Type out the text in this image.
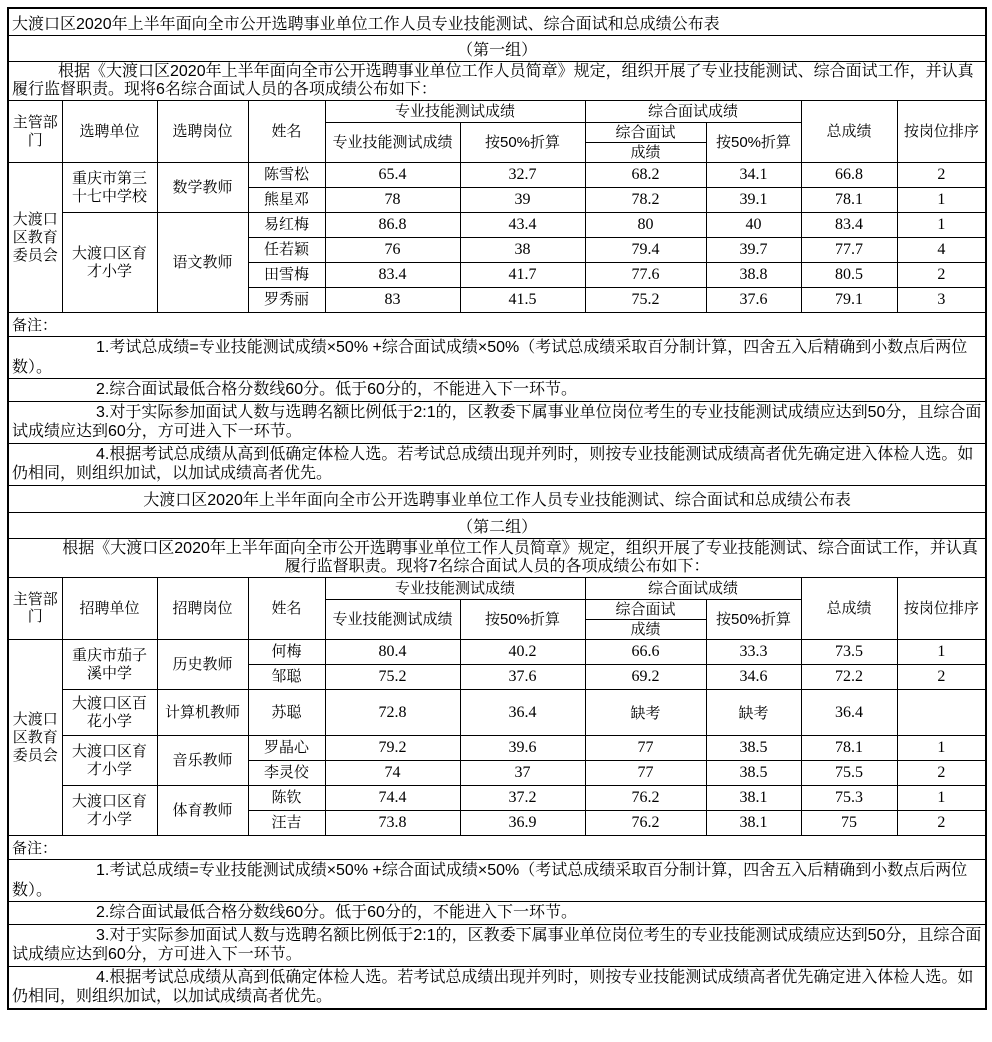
大渡口区2020年上半年面向全市公开选聘事业单位工作人员专业技能测试、综合面试和总成绩公布表									
（第一组）									
根据《大渡口区2020年上半年面向全市公开选聘事业单位工作人员简章》规定，组织开展了专业技能测试、综合面试工作，并认真履行监督职责。现将6名综合面试人员的各项成绩公布如下：									
主管部门	选聘单位	选聘岗位	姓名	专业技能测试成绩		综合面试成绩		总成绩	按岗位排序
				专业技能测试成绩	按50%折算	综合面试	按50%折算		
						成绩			
大渡口区教育委员会	重庆市第三十七中学校	数学教师	陈雪松	65.4	32.7	68.2	34.1	66.8	2
			熊星邓	78	39	78.2	39.1	78.1	1
	大渡口区育才小学	语文教师	易红梅	86.8	43.4	80	40	83.4	1
			任若颖	76	38	79.4	39.7	77.7	4
			田雪梅	83.4	41.7	77.6	38.8	80.5	2
			罗秀丽	83	41.5	75.2	37.6	79.1	3
备注：									
1.考试总成绩=专业技能测试成绩×50% +综合面试成绩×50%（考试总成绩采取百分制计算，四舍五入后精确到小数点后两位数）。									
2.综合面试最低合格分数线60分。低于60分的，不能进入下一环节。									
3.对于实际参加面试人数与选聘名额比例低于2:1的，区教委下属事业单位岗位考生的专业技能测试成绩应达到50分，且综合面试成绩应达到60分，方可进入下一环节。									
4.根据考试总成绩从高到低确定体检人选。若考试总成绩出现并列时，则按专业技能测试成绩高者优先确定进入体检人选。如仍相同，则组织加试，以加试成绩高者优先。									
大渡口区2020年上半年面向全市公开选聘事业单位工作人员专业技能测试、综合面试和总成绩公布表									
（第二组）									
根据《大渡口区2020年上半年面向全市公开选聘事业单位工作人员简章》规定，组织开展了专业技能测试、综合面试工作，并认真履行监督职责。现将7名综合面试人员的各项成绩公布如下：									
主管部门	招聘单位	招聘岗位	姓名	专业技能测试成绩		综合面试成绩		总成绩	按岗位排序
				专业技能测试成绩	按50%折算	综合面试	按50%折算		
						成绩			
大渡口区教育委员会	重庆市茄子溪中学	历史教师	何梅	80.4	40.2	66.6	33.3	73.5	1
			邹聪	75.2	37.6	69.2	34.6	72.2	2
	大渡口区百花小学	计算机教师	苏聪	72.8	36.4	缺考	缺考	36.4	
	大渡口区育才小学	音乐教师	罗晶心	79.2	39.6	77	38.5	78.1	1
			李灵佼	74	37	77	38.5	75.5	2
	大渡口区育才小学	体育教师	陈钦	74.4	37.2	76.2	38.1	75.3	1
			汪吉	73.8	36.9	76.2	38.1	75	2
备注：									
1.考试总成绩=专业技能测试成绩×50% +综合面试成绩×50%（考试总成绩采取百分制计算，四舍五入后精确到小数点后两位数）。									
2.综合面试最低合格分数线60分。低于60分的，不能进入下一环节。									
3.对于实际参加面试人数与选聘名额比例低于2:1的，区教委下属事业单位岗位考生的专业技能测试成绩应达到50分，且综合面试成绩应达到60分，方可进入下一环节。									
4.根据考试总成绩从高到低确定体检人选。若考试总成绩出现并列时，则按专业技能测试成绩高者优先确定进入体检人选。如仍相同，则组织加试，以加试成绩高者优先。									
